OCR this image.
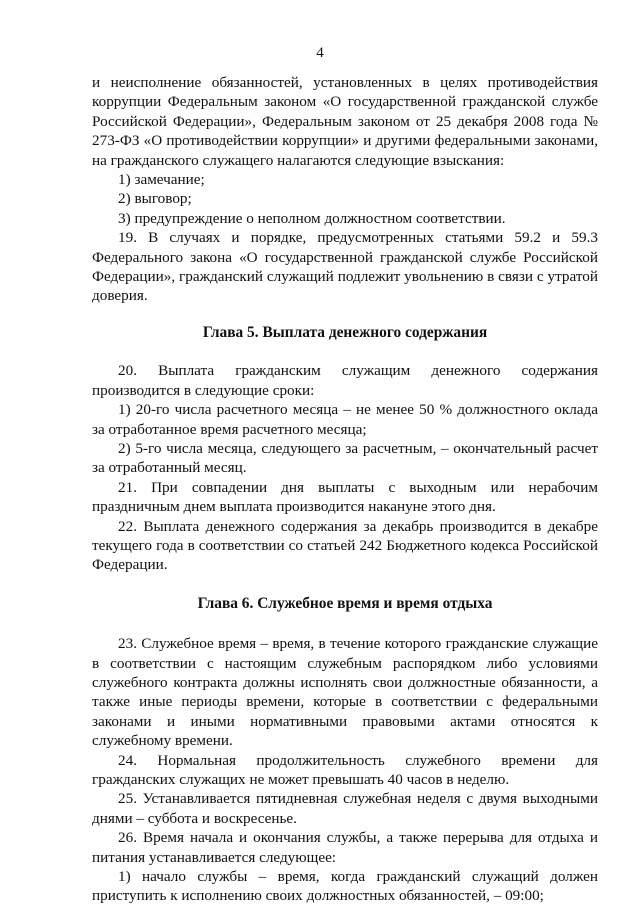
4

и неисполнение обязанностей, установленных в целях противодействия коррупции Федеральным законом «О государственной гражданской службе Российской Федерации», Федеральным законом от 25 декабря 2008 года № 273-ФЗ «О противодействии коррупции» и другими федеральными законами, на гражданского служащего налагаются следующие взыскания:

1) замечание;

2) выговор;

3) предупреждение о неполном должностном соответствии.

19. В случаях и порядке, предусмотренных статьями 59.2 и 59.3 Федерального закона «О государственной гражданской службе Российской Федерации», гражданский служащий подлежит увольнению в связи с утратой доверия.

Глава 5. Выплата денежного содержания

20. Выплата гражданским служащим денежного содержания производится в следующие сроки:

1) 20-го числа расчетного месяца – не менее 50 % должностного оклада за отработанное время расчетного месяца;

2) 5-го числа месяца, следующего за расчетным, – окончательный расчет за отработанный месяц.

21. При совпадении дня выплаты с выходным или нерабочим праздничным днем выплата производится накануне этого дня.

22. Выплата денежного содержания за декабрь производится в декабре текущего года в соответствии со статьей 242 Бюджетного кодекса Российской Федерации.

Глава 6. Служебное время и время отдыха

23. Служебное время – время, в течение которого гражданские служащие в соответствии с настоящим служебным распорядком либо условиями служебного контракта должны исполнять свои должностные обязанности, а также иные периоды времени, которые в соответствии с федеральными законами и иными нормативными правовыми актами относятся к служебному времени.

24. Нормальная продолжительность служебного времени для гражданских служащих не может превышать 40 часов в неделю.

25. Устанавливается пятидневная служебная неделя с двумя выходными днями – суббота и воскресенье.

26. Время начала и окончания службы, а также перерыва для отдыха и питания устанавливается следующее:

1) начало службы – время, когда гражданский служащий должен приступить к исполнению своих должностных обязанностей, – 09:00;
